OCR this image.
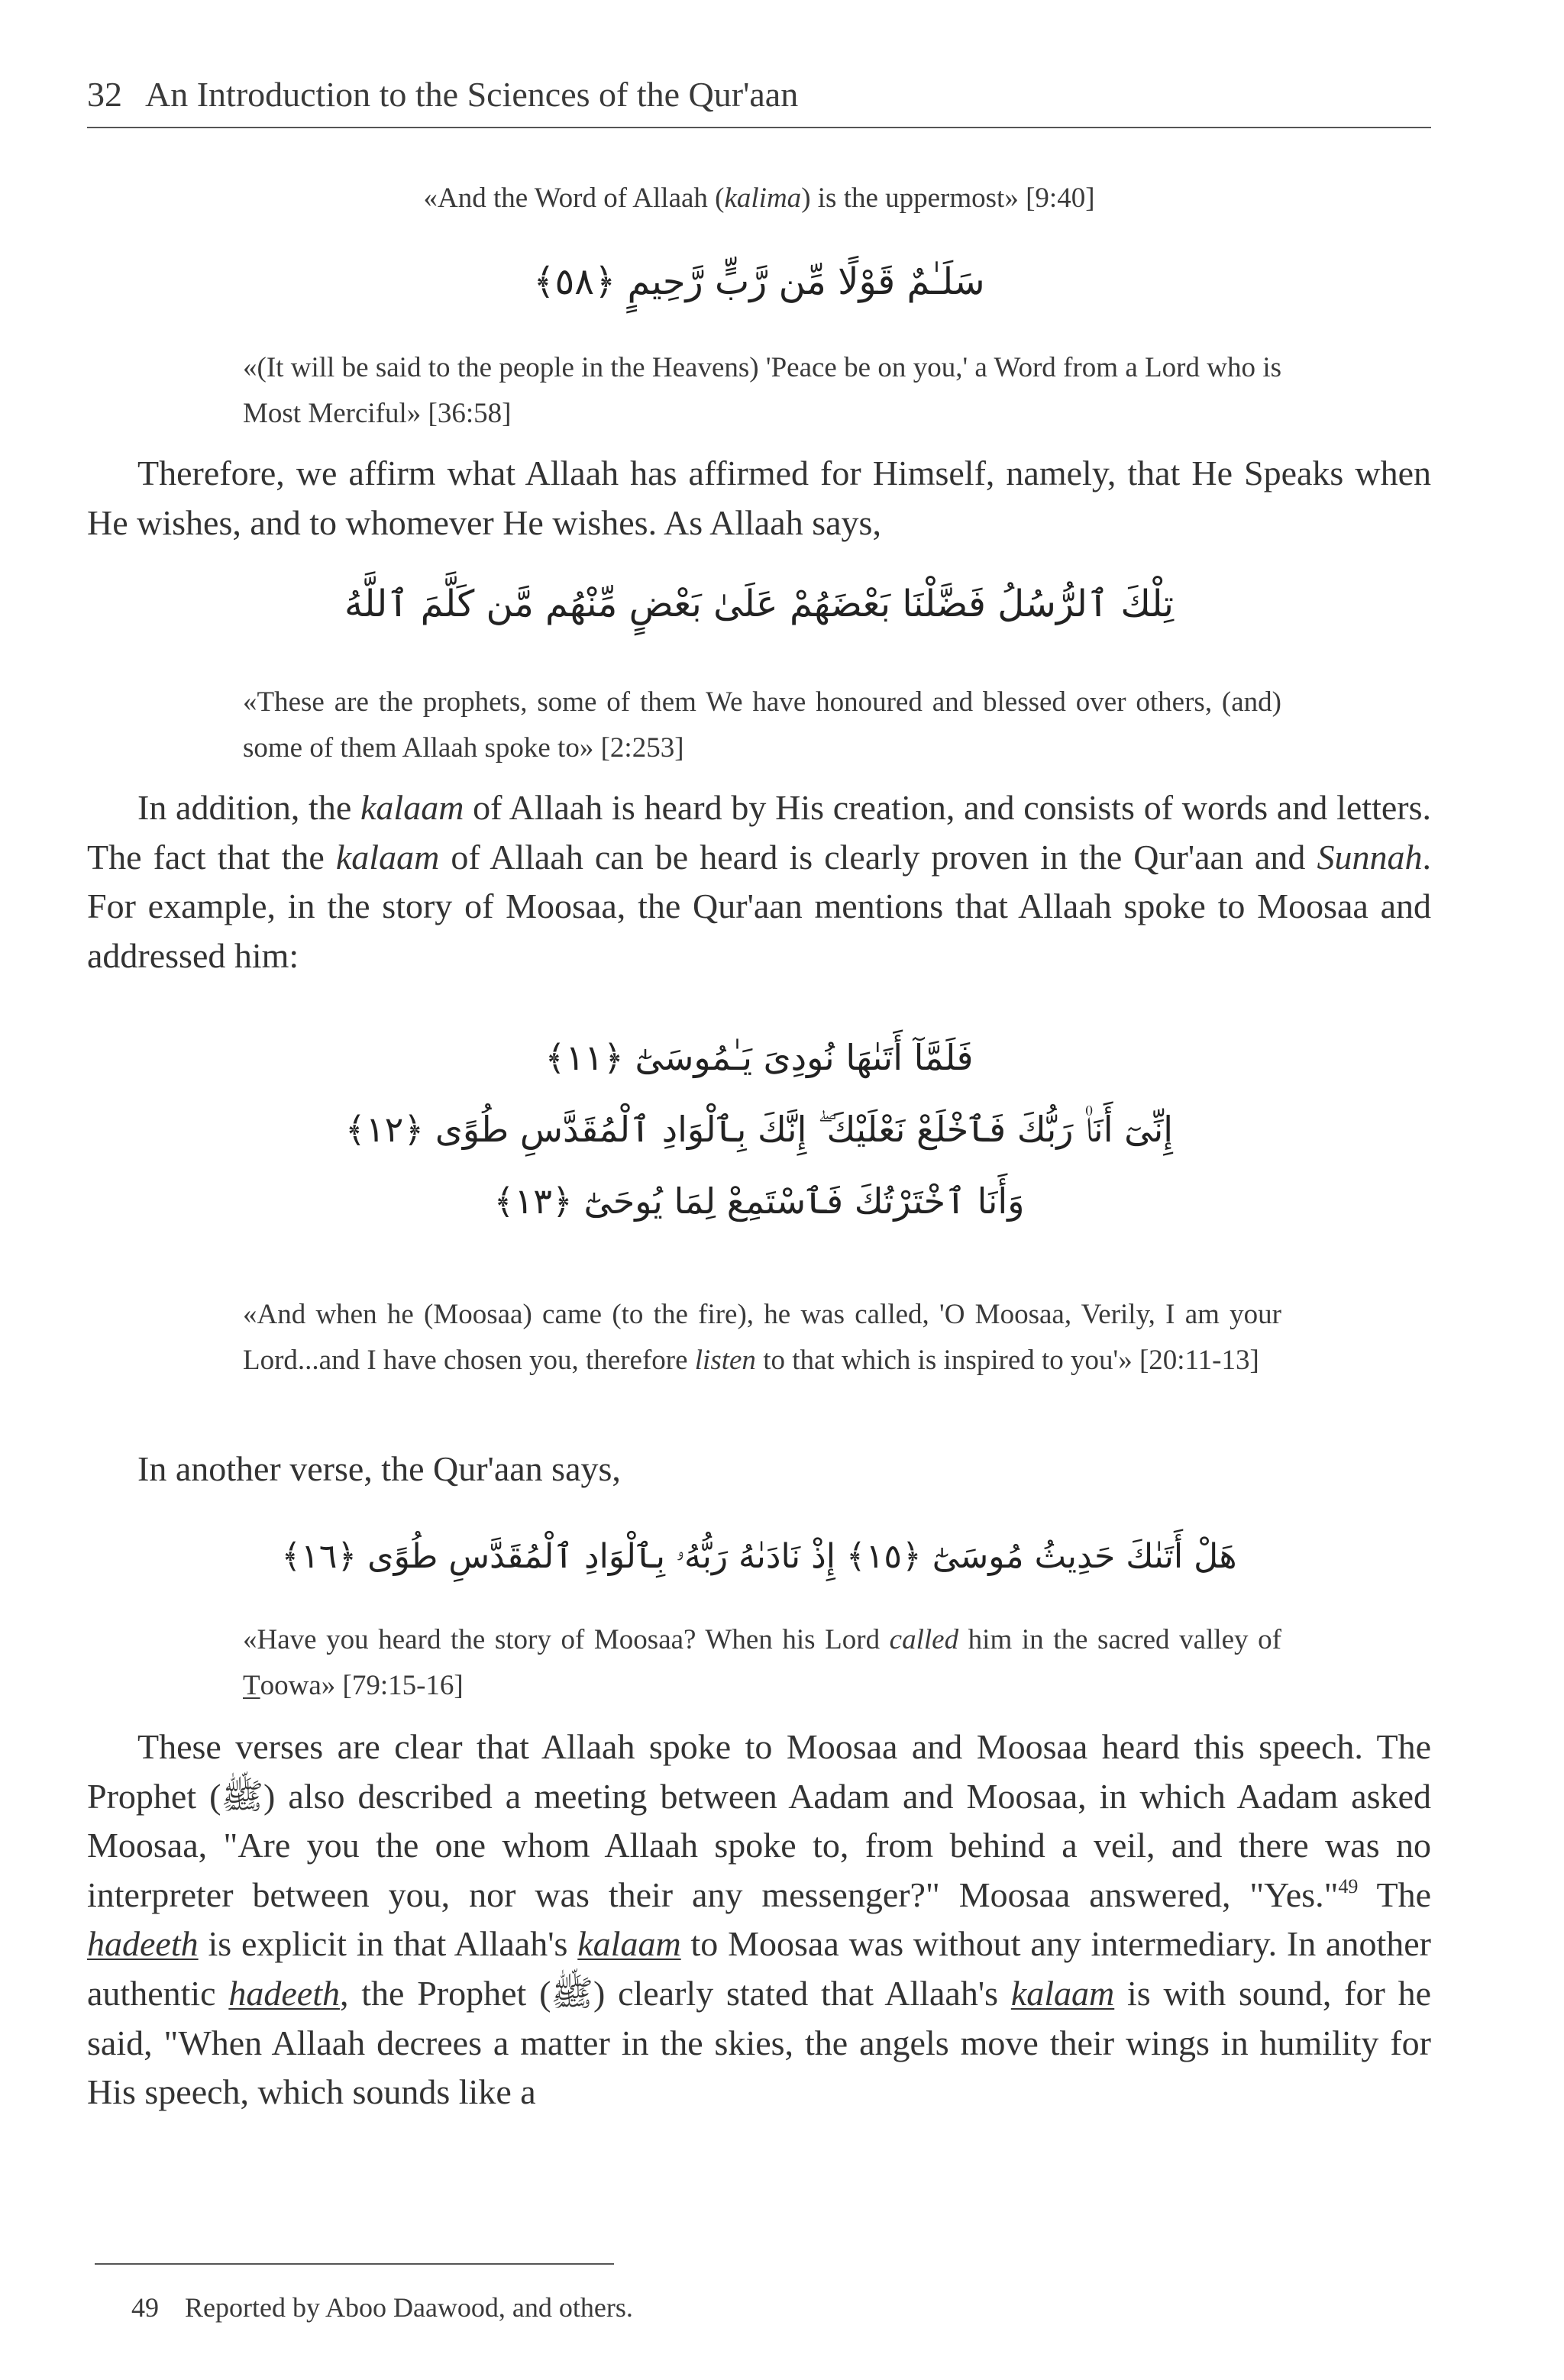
32 An Introduction to the Sciences of the Qur'aan
«And the Word of Allaah (kalima) is the uppermost» [9:40]
سَلَـٰمٌ قَوْلًا مِّن رَّبٍّ رَّحِيمٍ ﴿٥٨﴾
«(It will be said to the people in the Heavens) 'Peace be on you,' a Word from a Lord who is Most Merciful» [36:58]
Therefore, we affirm what Allaah has affirmed for Himself, namely, that He Speaks when He wishes, and to whomever He wishes. As Allaah says,
تِلْكَ ٱلرُّسُلُ فَضَّلْنَا بَعْضَهُمْ عَلَىٰ بَعْضٍ مِّنْهُم مَّن كَلَّمَ ٱللَّهُ
«These are the prophets, some of them We have honoured and blessed over others, (and) some of them Allaah spoke to» [2:253]
In addition, the kalaam of Allaah is heard by His creation, and consists of words and letters. The fact that the kalaam of Allaah can be heard is clearly proven in the Qur'aan and Sunnah. For example, in the story of Moosaa, the Qur'aan mentions that Allaah spoke to Moosaa and addressed him:
فَلَمَّآ أَتَىٰهَا نُودِىَ يَـٰمُوسَىٰٓ ﴿١١﴾
إِنِّىٓ أَنَا۠ رَبُّكَ فَٱخْلَعْ نَعْلَيْكَ ۖ إِنَّكَ بِٱلْوَادِ ٱلْمُقَدَّسِ طُوًى ﴿١٢﴾
وَأَنَا ٱخْتَرْتُكَ فَٱسْتَمِعْ لِمَا يُوحَىٰٓ ﴿١٣﴾
«And when he (Moosaa) came (to the fire), he was called, 'O Moosaa, Verily, I am your Lord...and I have chosen you, therefore listen to that which is inspired to you'» [20:11-13]
In another verse, the Qur'aan says,
هَلْ أَتَىٰكَ حَدِيثُ مُوسَىٰٓ ﴿١٥﴾ إِذْ نَادَىٰهُ رَبُّهُۥ بِٱلْوَادِ ٱلْمُقَدَّسِ طُوًى ﴿١٦﴾
«Have you heard the story of Moosaa? When his Lord called him in the sacred valley of Toowa» [79:15-16]
These verses are clear that Allaah spoke to Moosaa and Moosaa heard this speech. The Prophet (ﷺ) also described a meeting between Aadam and Moosaa, in which Aadam asked Moosaa, "Are you the one whom Allaah spoke to, from behind a veil, and there was no interpreter between you, nor was their any messenger?" Moosaa answered, "Yes."$^{49}$ The hadeeth is explicit in that Allaah's kalaam to Moosaa was without any intermediary. In another authentic hadeeth, the Prophet (ﷺ) clearly stated that Allaah's kalaam is with sound, for he said, "When Allaah decrees a matter in the skies, the angels move their wings in humility for His speech, which sounds like a
49 Reported by Aboo Daawood, and others.
